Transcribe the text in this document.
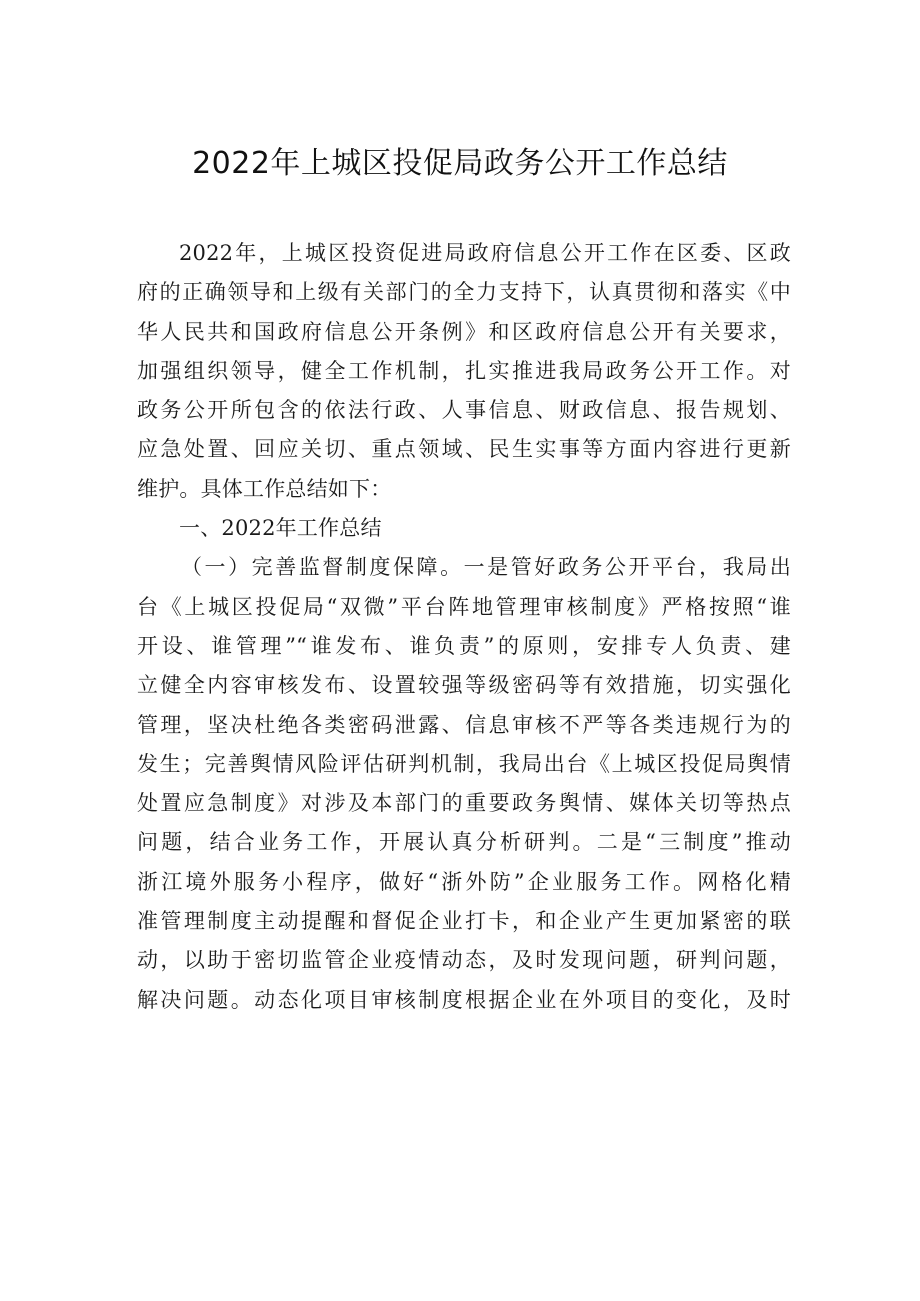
2022年上城区投促局政务公开工作总结
2022年，上城区投资促进局政府信息公开工作在区委、区政
府的正确领导和上级有关部门的全力支持下，认真贯彻和落实《中
华人民共和国政府信息公开条例》和区政府信息公开有关要求，
加强组织领导，健全工作机制，扎实推进我局政务公开工作。对
政务公开所包含的依法行政、人事信息、财政信息、报告规划、
应急处置、回应关切、重点领域、民生实事等方面内容进行更新
维护。具体工作总结如下：
一、2022年工作总结
（一）完善监督制度保障。一是管好政务公开平台，我局出
台《上城区投促局“双微”平台阵地管理审核制度》严格按照“谁
开设、谁管理”“谁发布、谁负责”的原则，安排专人负责、建
立健全内容审核发布、设置较强等级密码等有效措施，切实强化
管理，坚决杜绝各类密码泄露、信息审核不严等各类违规行为的
发生；完善舆情风险评估研判机制，我局出台《上城区投促局舆情
处置应急制度》对涉及本部门的重要政务舆情、媒体关切等热点
问题，结合业务工作，开展认真分析研判。二是“三制度”推动
浙江境外服务小程序，做好“浙外防”企业服务工作。网格化精
准管理制度主动提醒和督促企业打卡，和企业产生更加紧密的联
动，以助于密切监管企业疫情动态，及时发现问题，研判问题，
解决问题。动态化项目审核制度根据企业在外项目的变化，及时
